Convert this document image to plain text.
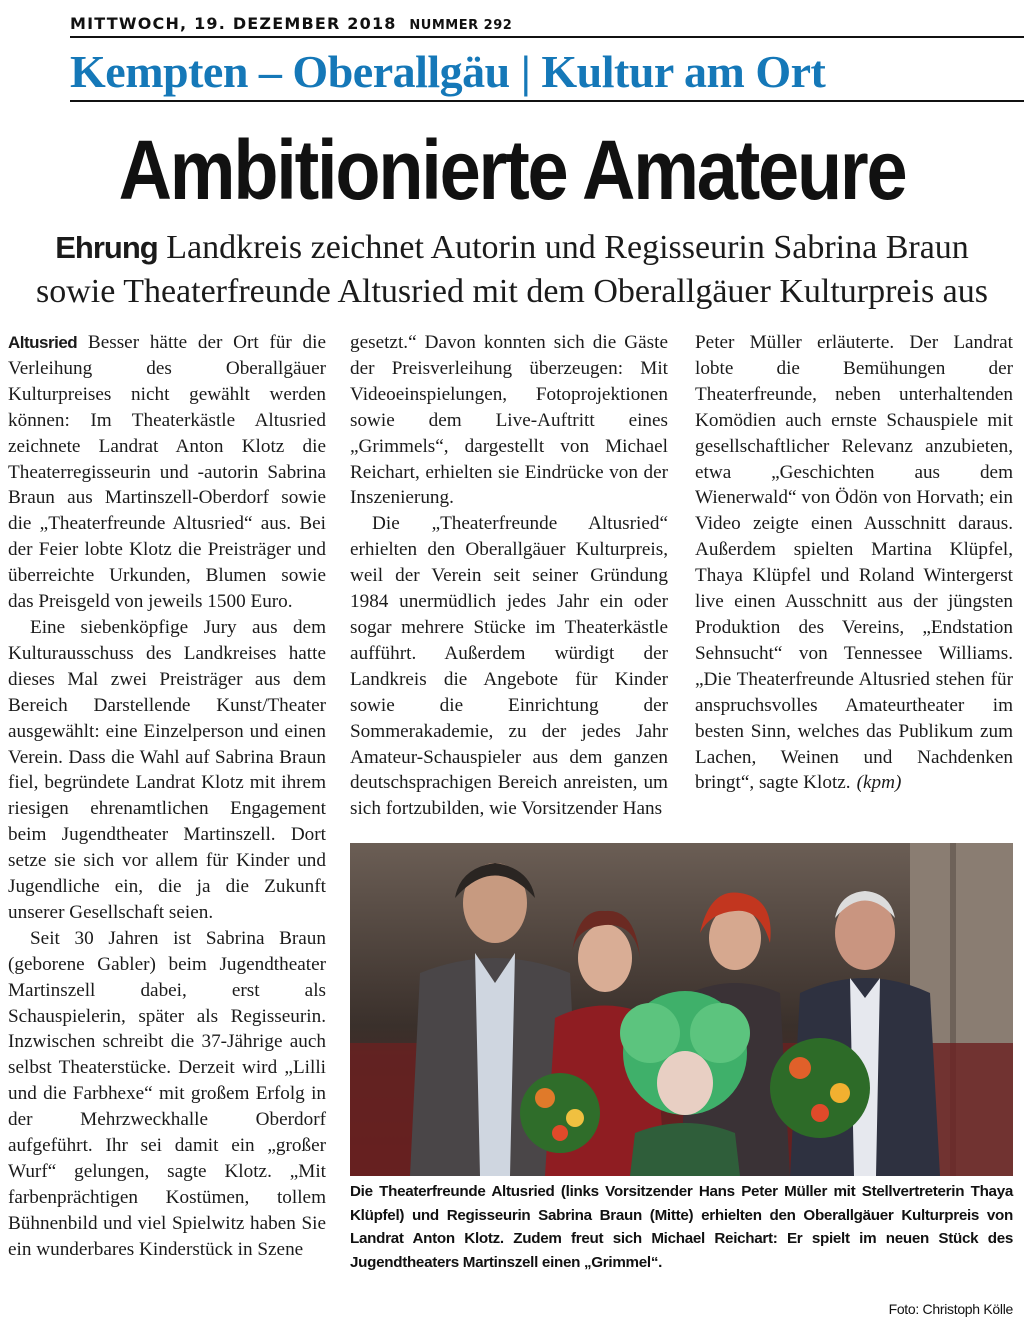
MITTWOCH, 19. DEZEMBER 2018 NUMMER 292
Kempten – Oberallgäu | Kultur am Ort
Ambitionierte Amateure
Ehrung Landkreis zeichnet Autorin und Regisseurin Sabrina Braun
sowie Theaterfreunde Altusried mit dem Oberallgäuer Kulturpreis aus

Altusried Besser hätte der Ort für die Verleihung des Oberallgäuer Kulturpreises nicht gewählt werden können: Im Theaterkästle Altusried zeichnete Landrat Anton Klotz die Theaterregisseurin und -autorin Sabrina Braun aus Martinszell-Oberdorf sowie die „Theaterfreunde Altusried“ aus. Bei der Feier lobte Klotz die Preisträger und überreichte Urkunden, Blumen sowie das Preisgeld von jeweils 1500 Euro.

Eine siebenköpfige Jury aus dem Kulturausschuss des Landkreises hatte dieses Mal zwei Preisträger aus dem Bereich Darstellende Kunst/Theater ausgewählt: eine Einzelperson und einen Verein. Dass die Wahl auf Sabrina Braun fiel, begründete Landrat Klotz mit ihrem riesigen ehrenamtlichen Engagement beim Jugendtheater Martinszell. Dort setze sie sich vor allem für Kinder und Jugendliche ein, die ja die Zukunft unserer Gesellschaft seien.

Seit 30 Jahren ist Sabrina Braun (geborene Gabler) beim Jugendtheater Martinszell dabei, erst als Schauspielerin, später als Regisseurin. Inzwischen schreibt die 37-Jährige auch selbst Theaterstücke. Derzeit wird „Lilli und die Farbhexe“ mit großem Erfolg in der Mehrzweckhalle Oberdorf aufgeführt. Ihr sei damit ein „großer Wurf“ gelungen, sagte Klotz. „Mit farbenprächtigen Kostümen, tollem Bühnenbild und viel Spielwitz haben Sie ein wunderbares Kinderstück in Szene

gesetzt.“ Davon konnten sich die Gäste der Preisverleihung überzeugen: Mit Videoeinspielungen, Fotoprojektionen sowie dem Live-Auftritt eines „Grimmels“, dargestellt von Michael Reichart, erhielten sie Eindrücke von der Inszenierung.

Die „Theaterfreunde Altusried“ erhielten den Oberallgäuer Kulturpreis, weil der Verein seit seiner Gründung 1984 unermüdlich jedes Jahr ein oder sogar mehrere Stücke im Theaterkästle aufführt. Außerdem würdigt der Landkreis die Angebote für Kinder sowie die Einrichtung der Sommerakademie, zu der jedes Jahr Amateur-Schauspieler aus dem ganzen deutschsprachigen Bereich anreisten, um sich fortzubilden, wie Vorsitzender Hans

Peter Müller erläuterte. Der Landrat lobte die Bemühungen der Theaterfreunde, neben unterhaltenden Komödien auch ernste Schauspiele mit gesellschaftlicher Relevanz anzubieten, etwa „Geschichten aus dem Wienerwald“ von Ödön von Horvath; ein Video zeigte einen Ausschnitt daraus. Außerdem spielten Martina Klüpfel, Thaya Klüpfel und Roland Wintergerst live einen Ausschnitt aus der jüngsten Produktion des Vereins, „Endstation Sehnsucht“ von Tennessee Williams. „Die Theaterfreunde Altusried stehen für anspruchsvolles Amateurtheater im besten Sinn, welches das Publikum zum Lachen, Weinen und Nachdenken bringt“, sagte Klotz. (kpm)

Die Theaterfreunde Altusried (links Vorsitzender Hans Peter Müller mit Stellvertreterin Thaya Klüpfel) und Regisseurin Sabrina Braun (Mitte) erhielten den Oberallgäuer Kulturpreis von Landrat Anton Klotz. Zudem freut sich Michael Reichart: Er spielt im neuen Stück des Jugendtheaters Martinszell einen „Grimmel“.
Foto: Christoph Kölle
